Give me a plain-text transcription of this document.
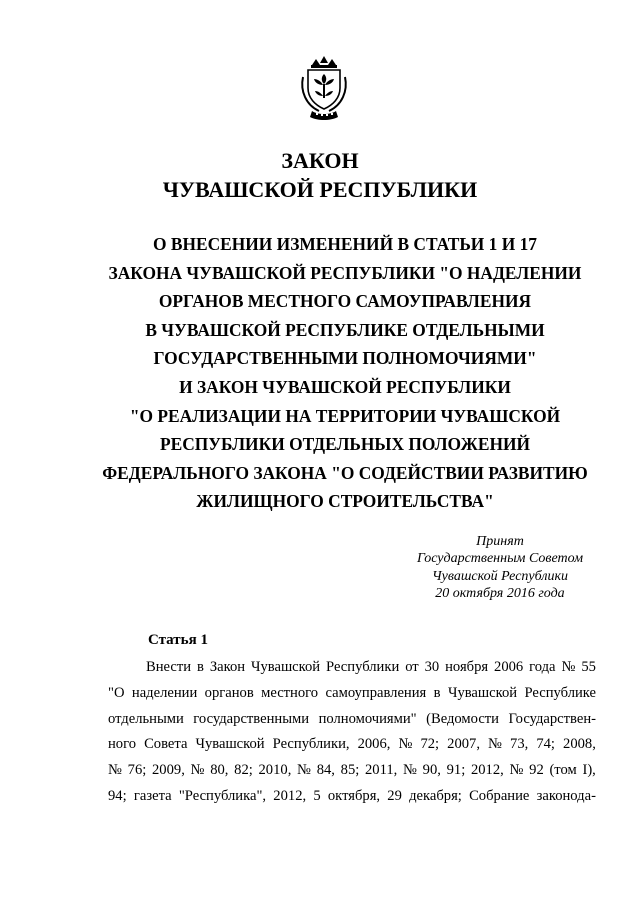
ЗАКОН
ЧУВАШСКОЙ РЕСПУБЛИКИ
О ВНЕСЕНИИ ИЗМЕНЕНИЙ В СТАТЬИ 1 И 17
ЗАКОНА ЧУВАШСКОЙ РЕСПУБЛИКИ "О НАДЕЛЕНИИ
ОРГАНОВ МЕСТНОГО САМОУПРАВЛЕНИЯ
В ЧУВАШСКОЙ РЕСПУБЛИКЕ ОТДЕЛЬНЫМИ
ГОСУДАРСТВЕННЫМИ ПОЛНОМОЧИЯМИ"
И ЗАКОН ЧУВАШСКОЙ РЕСПУБЛИКИ
"О РЕАЛИЗАЦИИ НА ТЕРРИТОРИИ ЧУВАШСКОЙ
РЕСПУБЛИКИ ОТДЕЛЬНЫХ ПОЛОЖЕНИЙ
ФЕДЕРАЛЬНОГО ЗАКОНА "О СОДЕЙСТВИИ РАЗВИТИЮ
ЖИЛИЩНОГО СТРОИТЕЛЬСТВА"
Принят
Государственным Советом
Чувашской Республики
20 октября 2016 года
Статья 1
Внести в Закон Чувашской Республики от 30 ноября 2006 года № 55
"О наделении органов местного самоуправления в Чувашской Республике
отдельными государственными полномочиями" (Ведомости Государствен-
ного Совета Чувашской Республики, 2006, № 72; 2007, № 73, 74; 2008,
№ 76; 2009, № 80, 82; 2010, № 84, 85; 2011, № 90, 91; 2012, № 92 (том I),
94; газета "Республика", 2012, 5 октября, 29 декабря; Собрание законода-
